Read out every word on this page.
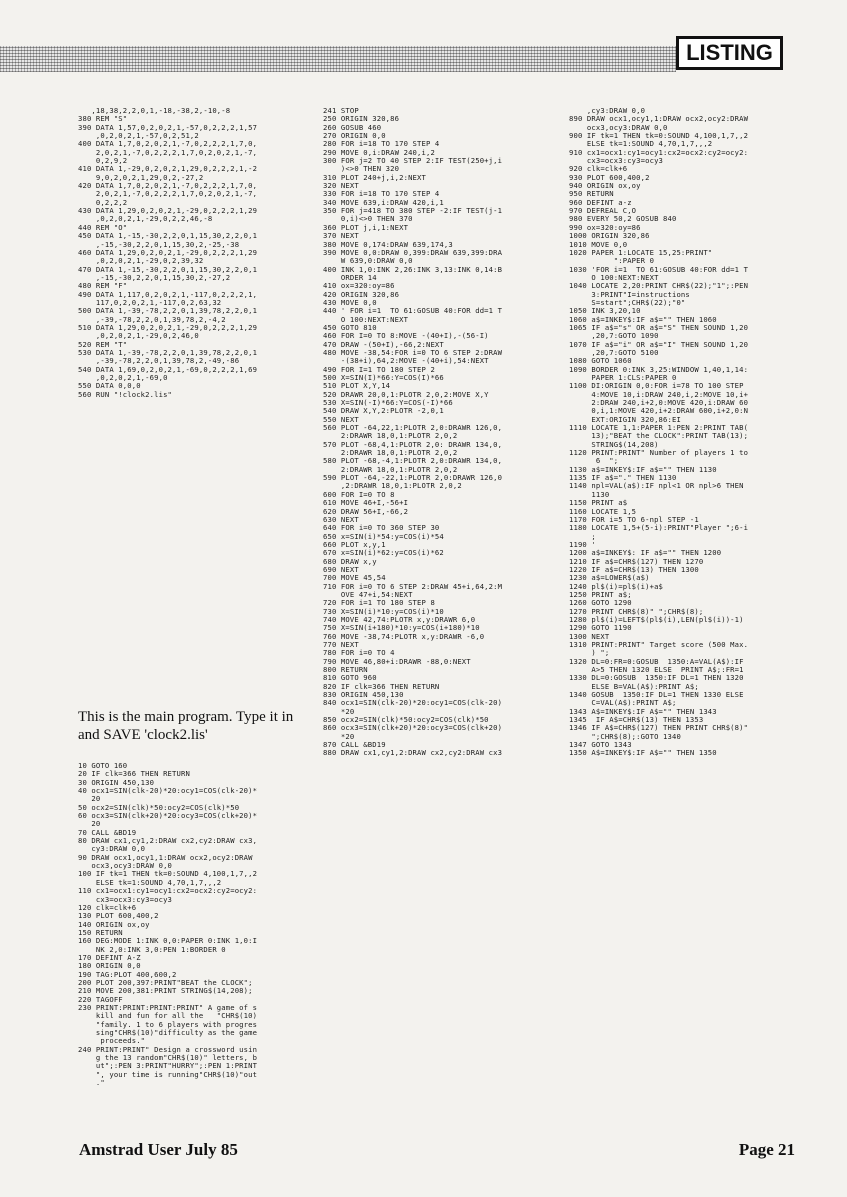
LISTING
,18,38,2,2,0,1,-18,-38,2,-10,-8
380 REM "S"
390 DATA 1,57,0,2,0,2,1,-57,0,2,2,2,1,57
,0,2,0,2,1,-57,0,2,51,2
400 DATA 1,7,0,2,0,2,1,-7,0,2,2,2,1,7,0,
2,0,2,1,-7,0,2,2,2,1,7,0,2,0,2,1,-7,
0,2,9,2
410 DATA 1,-29,0,2,0,2,1,29,0,2,2,2,1,-2
9,0,2,0,2,1,29,0,2,-27,2
420 DATA 1,7,0,2,0,2,1,-7,0,2,2,2,1,7,0,
2,0,2,1,-7,0,2,2,2,1,7,0,2,0,2,1,-7,
0,2,2,2
430 DATA 1,29,0,2,0,2,1,-29,0,2,2,2,1,29
,0,2,0,2,1,-29,0,2,2,46,-8
440 REM "O"
450 DATA 1,-15,-30,2,2,0,1,15,30,2,2,0,1
,-15,-30,2,2,0,1,15,30,2,-25,-38
460 DATA 1,29,0,2,0,2,1,-29,0,2,2,2,1,29
,0,2,0,2,1,-29,0,2,39,32
470 DATA 1,-15,-30,2,2,0,1,15,30,2,2,0,1
,-15,-30,2,2,0,1,15,30,2,-27,2
480 REM "F"
490 DATA 1,117,0,2,0,2,1,-117,0,2,2,2,1,
117,0,2,0,2,1,-117,0,2,63,32
500 DATA 1,-39,-78,2,2,0,1,39,78,2,2,0,1
,-39,-78,2,2,0,1,39,78,2,-4,2
510 DATA 1,29,0,2,0,2,1,-29,0,2,2,2,1,29
,0,2,0,2,1,-29,0,2,46,0
520 REM "T"
530 DATA 1,-39,-78,2,2,0,1,39,78,2,2,0,1
,-39,-78,2,2,0,1,39,78,2,-49,-86
540 DATA 1,69,0,2,0,2,1,-69,0,2,2,2,1,69
,0,2,0,2,1,-69,0
550 DATA 0,0,0
560 RUN "!clock2.lis"
This is the main program. Type it in and SAVE 'clock2.lis'
10 GOTO 160
20 IF clk=366 THEN RETURN
30 ORIGIN 450,130
40 ocx1=SIN(clk-20)*20:ocy1=COS(clk-20)*
20
50 ocx2=SIN(clk)*50:ocy2=COS(clk)*50
60 ocx3=SIN(clk+20)*20:ocy3=COS(clk+20)*
20
70 CALL &BD19
80 DRAW cx1,cy1,2:DRAW cx2,cy2:DRAW cx3,
cy3:DRAW 0,0
90 DRAW ocx1,ocy1,1:DRAW ocx2,ocy2:DRAW
ocx3,ocy3:DRAW 0,0
100 IF tk=1 THEN tk=0:SOUND 4,100,1,7,,2
ELSE tk=1:SOUND 4,70,1,7,,,2
110 cx1=ocx1:cy1=ocy1:cx2=ocx2:cy2=ocy2:
cx3=ocx3:cy3=ocy3
120 clk=clk+6
130 PLOT 600,400,2
140 ORIGIN ox,oy
150 RETURN
160 DEG:MODE 1:INK 0,0:PAPER 0:INK 1,0:I
NK 2,0:INK 3,0:PEN 1:BORDER 0
170 DEFINT A-Z
180 ORIGIN 0,0
190 TAG:PLOT 400,600,2
200 PLOT 200,397:PRINT"BEAT the CLOCK";
210 MOVE 200,381:PRINT STRING$(14,208);
220 TAGOFF
230 PRINT:PRINT:PRINT:PRINT" A game of s
kill and fun for all the   "CHR$(10)
"family. 1 to 6 players with progres
sing"CHR$(10)"difficulty as the game
proceeds."
240 PRINT:PRINT" Design a crossword usin
g the 13 random"CHR$(10)" letters, b
ut";:PEN 3:PRINT"HURRY";:PEN 1:PRINT
", your time is running"CHR$(10)"out
."
241 STOP
250 ORIGIN 320,86
260 GOSUB 460
270 ORIGIN 0,0
280 FOR i=18 TO 170 STEP 4
290 MOVE 0,i:DRAW 240,i,2
300 FOR j=2 TO 40 STEP 2:IF TEST(250+j,i
)<>0 THEN 320
310 PLOT 240+j,i,2:NEXT
320 NEXT
330 FOR i=18 TO 170 STEP 4
340 MOVE 639,i:DRAW 420,i,1
350 FOR j=418 TO 380 STEP -2:IF TEST(j-1
0,i)<>0 THEN 370
360 PLOT j,i,1:NEXT
370 NEXT
380 MOVE 0,174:DRAW 639,174,3
390 MOVE 0,0:DRAW 0,399:DRAW 639,399:DRA
W 639,0:DRAW 0,0
400 INK 1,0:INK 2,26:INK 3,13:INK 0,14:B
ORDER 14
410 ox=320:oy=86
420 ORIGIN 320,86
430 MOVE 0,0
440 ' FOR i=1  TO 61:GOSUB 40:FOR dd=1 T
O 100:NEXT:NEXT
450 GOTO 810
460 FOR I=0 TO 8:MOVE -(40+I),-(56-I)
470 DRAW -(50+I),-66,2:NEXT
480 MOVE -38,54:FOR i=0 TO 6 STEP 2:DRAW
-(38+i),64,2:MOVE -(40+i),54:NEXT
490 FOR I=1 TO 180 STEP 2
500 X=SIN(I)*66:Y=COS(I)*66
510 PLOT X,Y,14
520 DRAWR 20,0,1:PLOTR 2,0,2:MOVE X,Y
530 X=SIN(-I)*66:Y=COS(-I)*66
540 DRAW X,Y,2:PLOTR -2,0,1
550 NEXT
560 PLOT -64,22,1:PLOTR 2,0:DRAWR 126,0,
2:DRAWR 18,0,1:PLOTR 2,0,2
570 PLOT -68,4,1:PLOTR 2,0: DRAWR 134,0,
2:DRAWR 18,0,1:PLOTR 2,0,2
580 PLOT -68,-4,1:PLOTR 2,0:DRAWR 134,0,
2:DRAWR 18,0,1:PLOTR 2,0,2
590 PLOT -64,-22,1:PLOTR 2,0:DRAWR 126,0
,2:DRAWR 18,0,1:PLOTR 2,0,2
600 FOR I=0 TO 8
610 MOVE 46+I,-56+I
620 DRAW 56+I,-66,2
630 NEXT
640 FOR i=0 TO 360 STEP 30
650 x=SIN(i)*54:y=COS(i)*54
660 PLOT x,y,1
670 x=SIN(i)*62:y=COS(i)*62
680 DRAW x,y
690 NEXT
700 MOVE 45,54
710 FOR i=0 TO 6 STEP 2:DRAW 45+i,64,2:M
OVE 47+i,54:NEXT
720 FOR i=1 TO 180 STEP 8
730 X=SIN(i)*10:y=COS(i)*10
740 MOVE 42,74:PLOTR x,y:DRAWR 6,0
750 X=SIN(i+180)*10:y=COS(i+180)*10
760 MOVE -38,74:PLOTR x,y:DRAWR -6,0
770 NEXT
780 FOR i=0 TO 4
790 MOVE 46,80+i:DRAWR -88,0:NEXT
800 RETURN
810 GOTO 960
820 IF clk=366 THEN RETURN
830 ORIGIN 450,130
840 ocx1=SIN(clk-20)*20:ocy1=COS(clk-20)
*20
850 ocx2=SIN(clk)*50:ocy2=COS(clk)*50
860 ocx3=SIN(clk+20)*20:ocy3=COS(clk+20)
*20
870 CALL &BD19
880 DRAW cx1,cy1,2:DRAW cx2,cy2:DRAW cx3
,cy3:DRAW 0,0
890 DRAW ocx1,ocy1,1:DRAW ocx2,ocy2:DRAW
ocx3,ocy3:DRAW 0,0
900 IF tk=1 THEN tk=0:SOUND 4,100,1,7,,2
ELSE tk=1:SOUND 4,70,1,7,,,2
910 cx1=ocx1:cy1=ocy1:cx2=ocx2:cy2=ocy2:
cx3=ocx3:cy3=ocy3
920 clk=clk+6
930 PLOT 600,400,2
940 ORIGIN ox,oy
950 RETURN
960 DEFINT a-z
970 DEFREAL C,O
980 EVERY 50,2 GOSUB 840
990 ox=320:oy=86
1000 ORIGIN 320,86
1010 MOVE 0,0
1020 PAPER 1:LOCATE 15,25:PRINT"
":PAPER 0
1030 'FOR i=1  TO 61:GOSUB 40:FOR dd=1 T
O 100:NEXT:NEXT
1040 LOCATE 2,20:PRINT CHR$(22);"1";:PEN
3:PRINT"I=instructions
S=start";CHR$(22);"0"
1050 INK 3,20,10
1060 a$=INKEY$:IF a$="" THEN 1060
1065 IF a$="s" OR a$="S" THEN SOUND 1,20
,20,7:GOTO 1090
1070 IF a$="i" OR a$="I" THEN SOUND 1,20
,20,7:GOTO 5100
1080 GOTO 1060
1090 BORDER 0:INK 3,25:WINDOW 1,40,1,14:
PAPER 1:CLS:PAPER 0
1100 DI:ORIGIN 0,0:FOR i=78 TO 100 STEP
4:MOVE 10,i:DRAW 240,i,2:MOVE 10,i+
2:DRAW 240,i+2,0:MOVE 420,i:DRAW 60
0,i,1:MOVE 420,i+2:DRAW 600,i+2,0:N
EXT:ORIGIN 320,86:EI
1110 LOCATE 1,1:PAPER 1:PEN 2:PRINT TAB(
13);"BEAT the CLOCK":PRINT TAB(13);
STRING$(14,208)
1120 PRINT:PRINT" Number of players 1 to
6  ";
1130 a$=INKEY$:IF a$="" THEN 1130
1135 IF a$="." THEN 1130
1140 npl=VAL(a$):IF npl<1 OR npl>6 THEN
1130
1150 PRINT a$
1160 LOCATE 1,5
1170 FOR i=5 TO 6-npl STEP -1
1180 LOCATE 1,5+(5-i):PRINT"Player ";6-i
;
1190 '
1200 a$=INKEY$: IF a$="" THEN 1200
1210 IF a$=CHR$(127) THEN 1270
1220 IF a$=CHR$(13) THEN 1300
1230 a$=LOWER$(a$)
1240 pl$(i)=pl$(i)+a$
1250 PRINT a$;
1260 GOTO 1290
1270 PRINT CHR$(8)" ";CHR$(8);
1280 pl$(i)=LEFT$(pl$(i),LEN(pl$(i))-1)
1290 GOTO 1190
1300 NEXT
1310 PRINT:PRINT" Target score (500 Max.
) ";
1320 DL=0:FR=0:GOSUB  1350:A=VAL(A$):IF
A>5 THEN 1320 ELSE  PRINT A$;:FR=1
1330 DL=0:GOSUB  1350:IF DL=1 THEN 1320
ELSE B=VAL(A$):PRINT A$;
1340 GOSUB  1350:IF DL=1 THEN 1330 ELSE
C=VAL(A$):PRINT A$;
1343 A$=INKEY$:IF A$="" THEN 1343
1345  IF A$=CHR$(13) THEN 1353
1346 IF A$=CHR$(127) THEN PRINT CHR$(8)"
";CHR$(8);:GOTO 1340
1347 GOTO 1343
1350 A$=INKEY$:IF A$="" THEN 1350
Amstrad User July 85	Page 21
